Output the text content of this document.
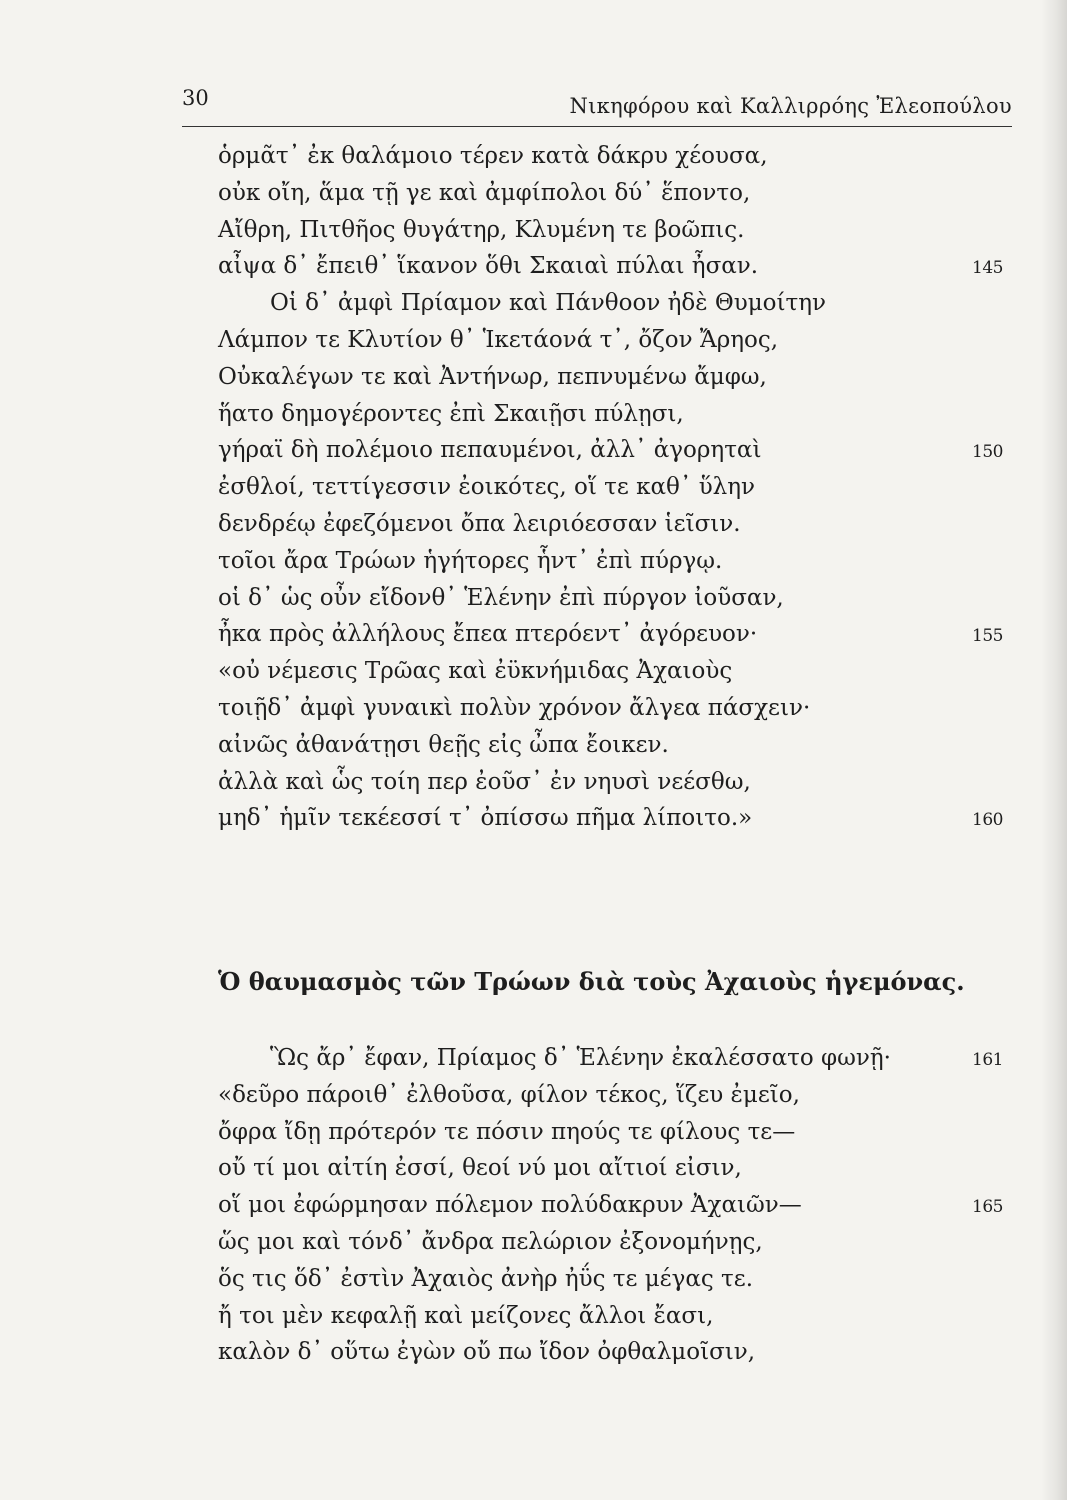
30	Νικηφόρου καὶ Καλλιρρόης Ἐλεοπούλου
ὁρμᾶτ᾽ ἐκ θαλάμοιο τέρεν κατὰ δάκρυ χέουσα,
οὐκ οἴη, ἅμα τῇ γε καὶ ἀμφίπολοι δύ᾽ ἕποντο,
Αἴθρη, Πιτθῆος θυγάτηρ, Κλυμένη τε βοῶπις.
αἶψα δ᾽ ἔπειθ᾽ ἵκανον ὅθι Σκαιαὶ πύλαι ἦσαν.	145
Οἱ δ᾽ ἀμφὶ Πρίαμον καὶ Πάνθοον ἠδὲ Θυμοίτην
Λάμπον τε Κλυτίον θ᾽ Ἱκετάονά τ᾽, ὄζον Ἄρηος,
Οὐκαλέγων τε καὶ Ἀντήνωρ, πεπνυμένω ἄμφω,
ἥατο δημογέροντες ἐπὶ Σκαιῇσι πύλῃσι,
γήραϊ δὴ πολέμοιο πεπαυμένοι, ἀλλ᾽ ἀγορηταὶ	150
ἐσθλοί, τεττίγεσσιν ἐοικότες, οἵ τε καθ᾽ ὕλην
δενδρέῳ ἐφεζόμενοι ὄπα λειριόεσσαν ἱεῖσιν.
τοῖοι ἄρα Τρώων ἡγήτορες ἧντ᾽ ἐπὶ πύργῳ.
οἱ δ᾽ ὡς οὖν εἴδονθ᾽ Ἑλένην ἐπὶ πύργον ἰοῦσαν,
ἦκα πρὸς ἀλλήλους ἔπεα πτερόεντ᾽ ἀγόρευον·	155
«οὐ νέμεσις Τρῶας καὶ ἐϋκνήμιδας Ἀχαιοὺς
τοιῇδ᾽ ἀμφὶ γυναικὶ πολὺν χρόνον ἄλγεα πάσχειν·
αἰνῶς ἀθανάτῃσι θεῇς εἰς ὦπα ἔοικεν.
ἀλλὰ καὶ ὧς τοίη περ ἐοῦσ᾽ ἐν νηυσὶ νεέσθω,
μηδ᾽ ἡμῖν τεκέεσσί τ᾽ ὀπίσσω πῆμα λίποιτο.»	160
Ὁ θαυμασμὸς τῶν Τρώων διὰ τοὺς Ἀχαιοὺς ἡγεμόνας.
Ὣς ἄρ᾽ ἔφαν, Πρίαμος δ᾽ Ἑλένην ἐκαλέσσατο φωνῇ·	161
«δεῦρο πάροιθ᾽ ἐλθοῦσα, φίλον τέκος, ἵζευ ἐμεῖο,
ὄφρα ἴδῃ πρότερόν τε πόσιν πηούς τε φίλους τε—
οὔ τί μοι αἰτίη ἐσσί, θεοί νύ μοι αἴτιοί εἰσιν,
οἵ μοι ἐφώρμησαν πόλεμον πολύδακρυν Ἀχαιῶν—	165
ὥς μοι καὶ τόνδ᾽ ἄνδρα πελώριον ἐξονομήνῃς,
ὅς τις ὅδ᾽ ἐστὶν Ἀχαιὸς ἀνὴρ ἠΰς τε μέγας τε.
ἤ τοι μὲν κεφαλῇ καὶ μείζονες ἄλλοι ἔασι,
καλὸν δ᾽ οὕτω ἐγὼν οὔ πω ἴδον ὀφθαλμοῖσιν,
